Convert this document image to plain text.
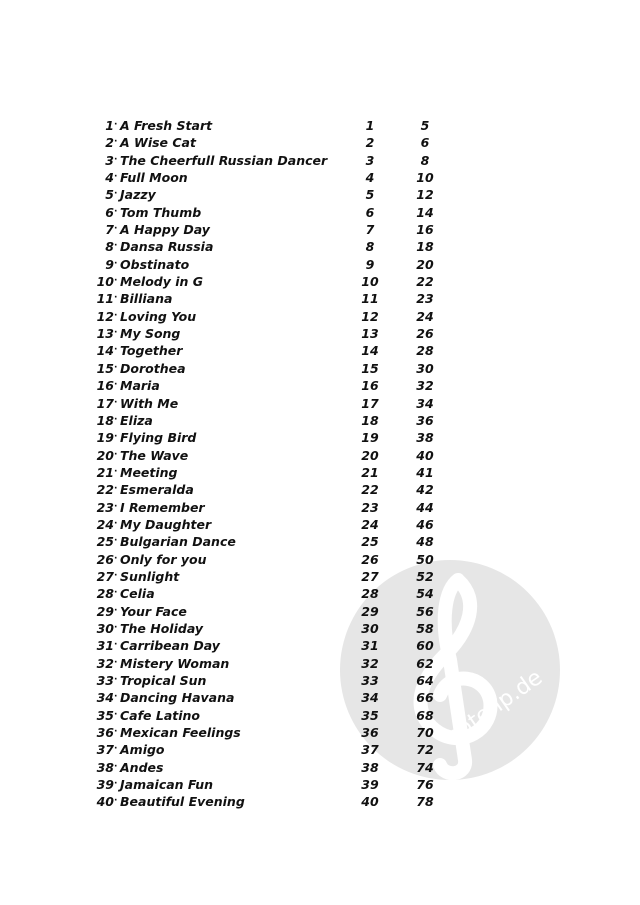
notenp.de
1 · A Fresh Start	1	5
2 · A Wise Cat	2	6
3 · The Cheerfull Russian Dancer	3	8
4 · Full Moon	4	10
5 · Jazzy	5	12
6 · Tom Thumb	6	14
7 · A Happy Day	7	16
8 · Dansa Russia	8	18
9 · Obstinato	9	20
10 · Melody in G	10	22
11 · Billiana	11	23
12 · Loving You	12	24
13 · My Song	13	26
14 · Together	14	28
15 · Dorothea	15	30
16 · Maria	16	32
17 · With Me	17	34
18 · Eliza	18	36
19 · Flying Bird	19	38
20 · The Wave	20	40
21 · Meeting	21	41
22 · Esmeralda	22	42
23 · I Remember	23	44
24 · My Daughter	24	46
25 · Bulgarian Dance	25	48
26 · Only for you	26	50
27 · Sunlight	27	52
28 · Celia	28	54
29 · Your Face	29	56
30 · The Holiday	30	58
31 · Carribean Day	31	60
32 · Mistery Woman	32	62
33 · Tropical Sun	33	64
34 · Dancing Havana	34	66
35 · Cafe Latino	35	68
36 · Mexican Feelings	36	70
37 · Amigo	37	72
38 · Andes	38	74
39 · Jamaican Fun	39	76
40 · Beautiful Evening	40	78
